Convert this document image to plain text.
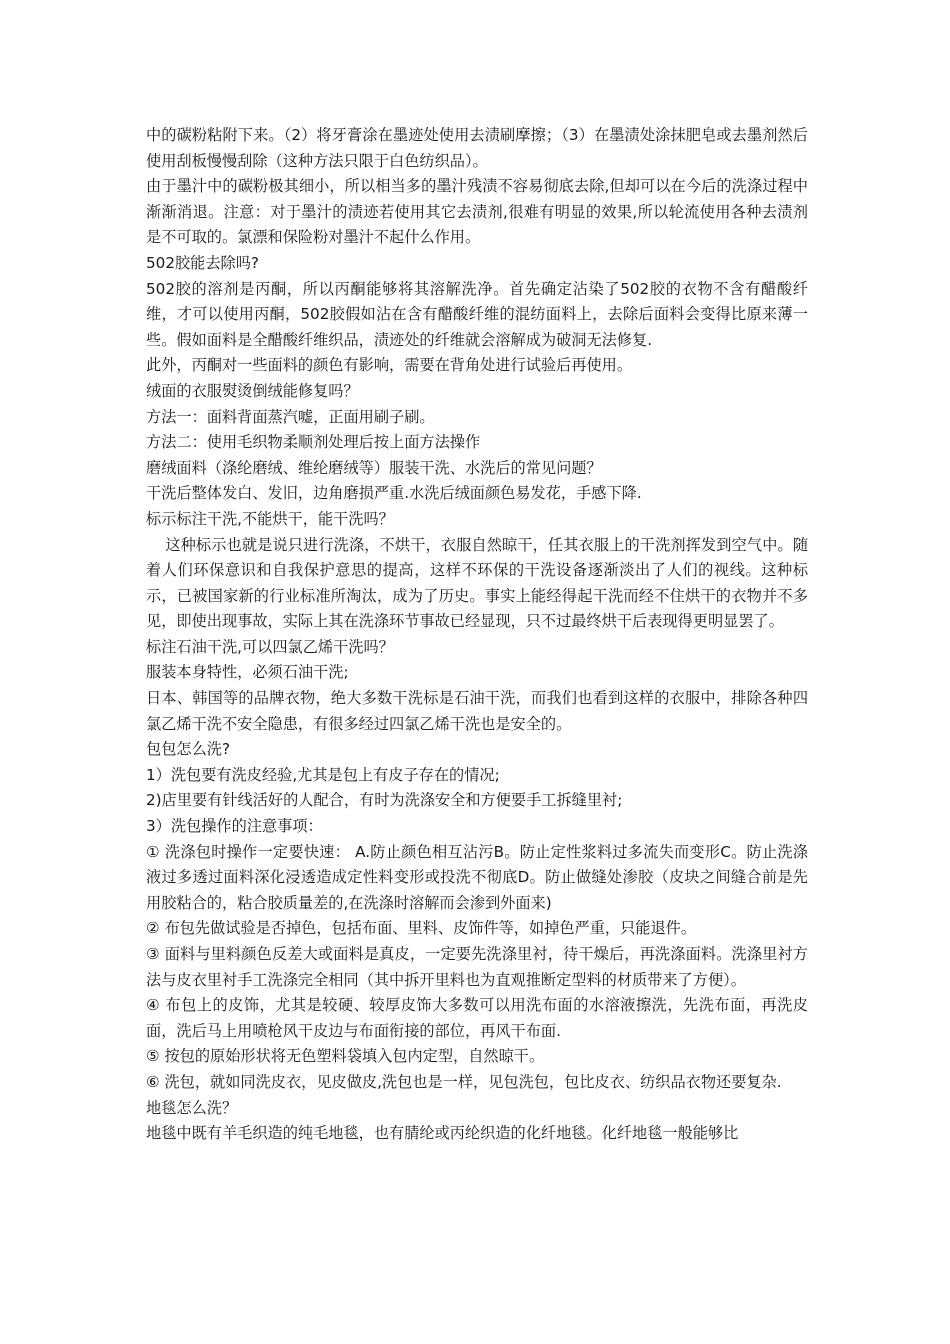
中的碳粉粘附下来。（2）将牙膏涂在墨迹处使用去渍刷摩擦；（3）在墨渍处涂抹肥皂或去墨剂然后使用刮板慢慢刮除（这种方法只限于白色纺织品）。

由于墨汁中的碳粉极其细小，所以相当多的墨汁残渍不容易彻底去除,但却可以在今后的洗涤过程中渐渐消退。注意：对于墨汁的渍迹若使用其它去渍剂,很难有明显的效果,所以轮流使用各种去渍剂是不可取的。氯漂和保险粉对墨汁不起什么作用。

502胶能去除吗?

502胶的溶剂是丙酮，所以丙酮能够将其溶解洗净。首先确定沾染了502胶的衣物不含有醋酸纤维，才可以使用丙酮，502胶假如沾在含有醋酸纤维的混纺面料上，去除后面料会变得比原来薄一些。假如面料是全醋酸纤维织品，渍迹处的纤维就会溶解成为破洞无法修复.

此外，丙酮对一些面料的颜色有影响，需要在背角处进行试验后再使用。

绒面的衣服熨烫倒绒能修复吗？

方法一：面料背面蒸汽嘘，正面用刷子刷。

方法二：使用毛织物柔顺剂处理后按上面方法操作

磨绒面料（涤纶磨绒、维纶磨绒等）服装干洗、水洗后的常见问题？

干洗后整体发白、发旧，边角磨损严重.水洗后绒面颜色易发花，手感下降.

标示标注干洗,不能烘干，能干洗吗？

这种标示也就是说只进行洗涤，不烘干，衣服自然晾干，任其衣服上的干洗剂挥发到空气中。随着人们环保意识和自我保护意思的提高，这样不环保的干洗设备逐渐淡出了人们的视线。这种标示，已被国家新的行业标准所淘汰，成为了历史。事实上能经得起干洗而经不住烘干的衣物并不多见，即使出现事故，实际上其在洗涤环节事故已经显现，只不过最终烘干后表现得更明显罢了。

标注石油干洗,可以四氯乙烯干洗吗？

服装本身特性，必须石油干洗;

日本、韩国等的品牌衣物，绝大多数干洗标是石油干洗，而我们也看到这样的衣服中，排除各种四氯乙烯干洗不安全隐患，有很多经过四氯乙烯干洗也是安全的。

包包怎么洗?

1）洗包要有洗皮经验,尤其是包上有皮子存在的情况;

2)店里要有针线活好的人配合，有时为洗涤安全和方便要手工拆缝里衬;

3）洗包操作的注意事项：

① 洗涤包时操作一定要快速： A.防止颜色相互沾污B。防止定性浆料过多流失而变形C。防止洗涤液过多透过面料深化浸透造成定性料变形或投洗不彻底D。防止做缝处渗胶（皮块之间缝合前是先用胶粘合的，粘合胶质量差的,在洗涤时溶解而会渗到外面来)

② 布包先做试验是否掉色，包括布面、里料、皮饰件等，如掉色严重，只能退件。

③ 面料与里料颜色反差大或面料是真皮，一定要先洗涤里衬，待干燥后，再洗涤面料。洗涤里衬方法与皮衣里衬手工洗涤完全相同（其中拆开里料也为直观推断定型料的材质带来了方便）。

④ 布包上的皮饰，尤其是较硬、较厚皮饰大多数可以用洗布面的水溶液擦洗，先洗布面，再洗皮面，洗后马上用喷枪风干皮边与布面衔接的部位，再风干布面.

⑤ 按包的原始形状将无色塑料袋填入包内定型，自然晾干。

⑥ 洗包，就如同洗皮衣，见皮做皮,洗包也是一样，见包洗包，包比皮衣、纺织品衣物还要复杂.

地毯怎么洗？

地毯中既有羊毛织造的纯毛地毯，也有腈纶或丙纶织造的化纤地毯。化纤地毯一般能够比
